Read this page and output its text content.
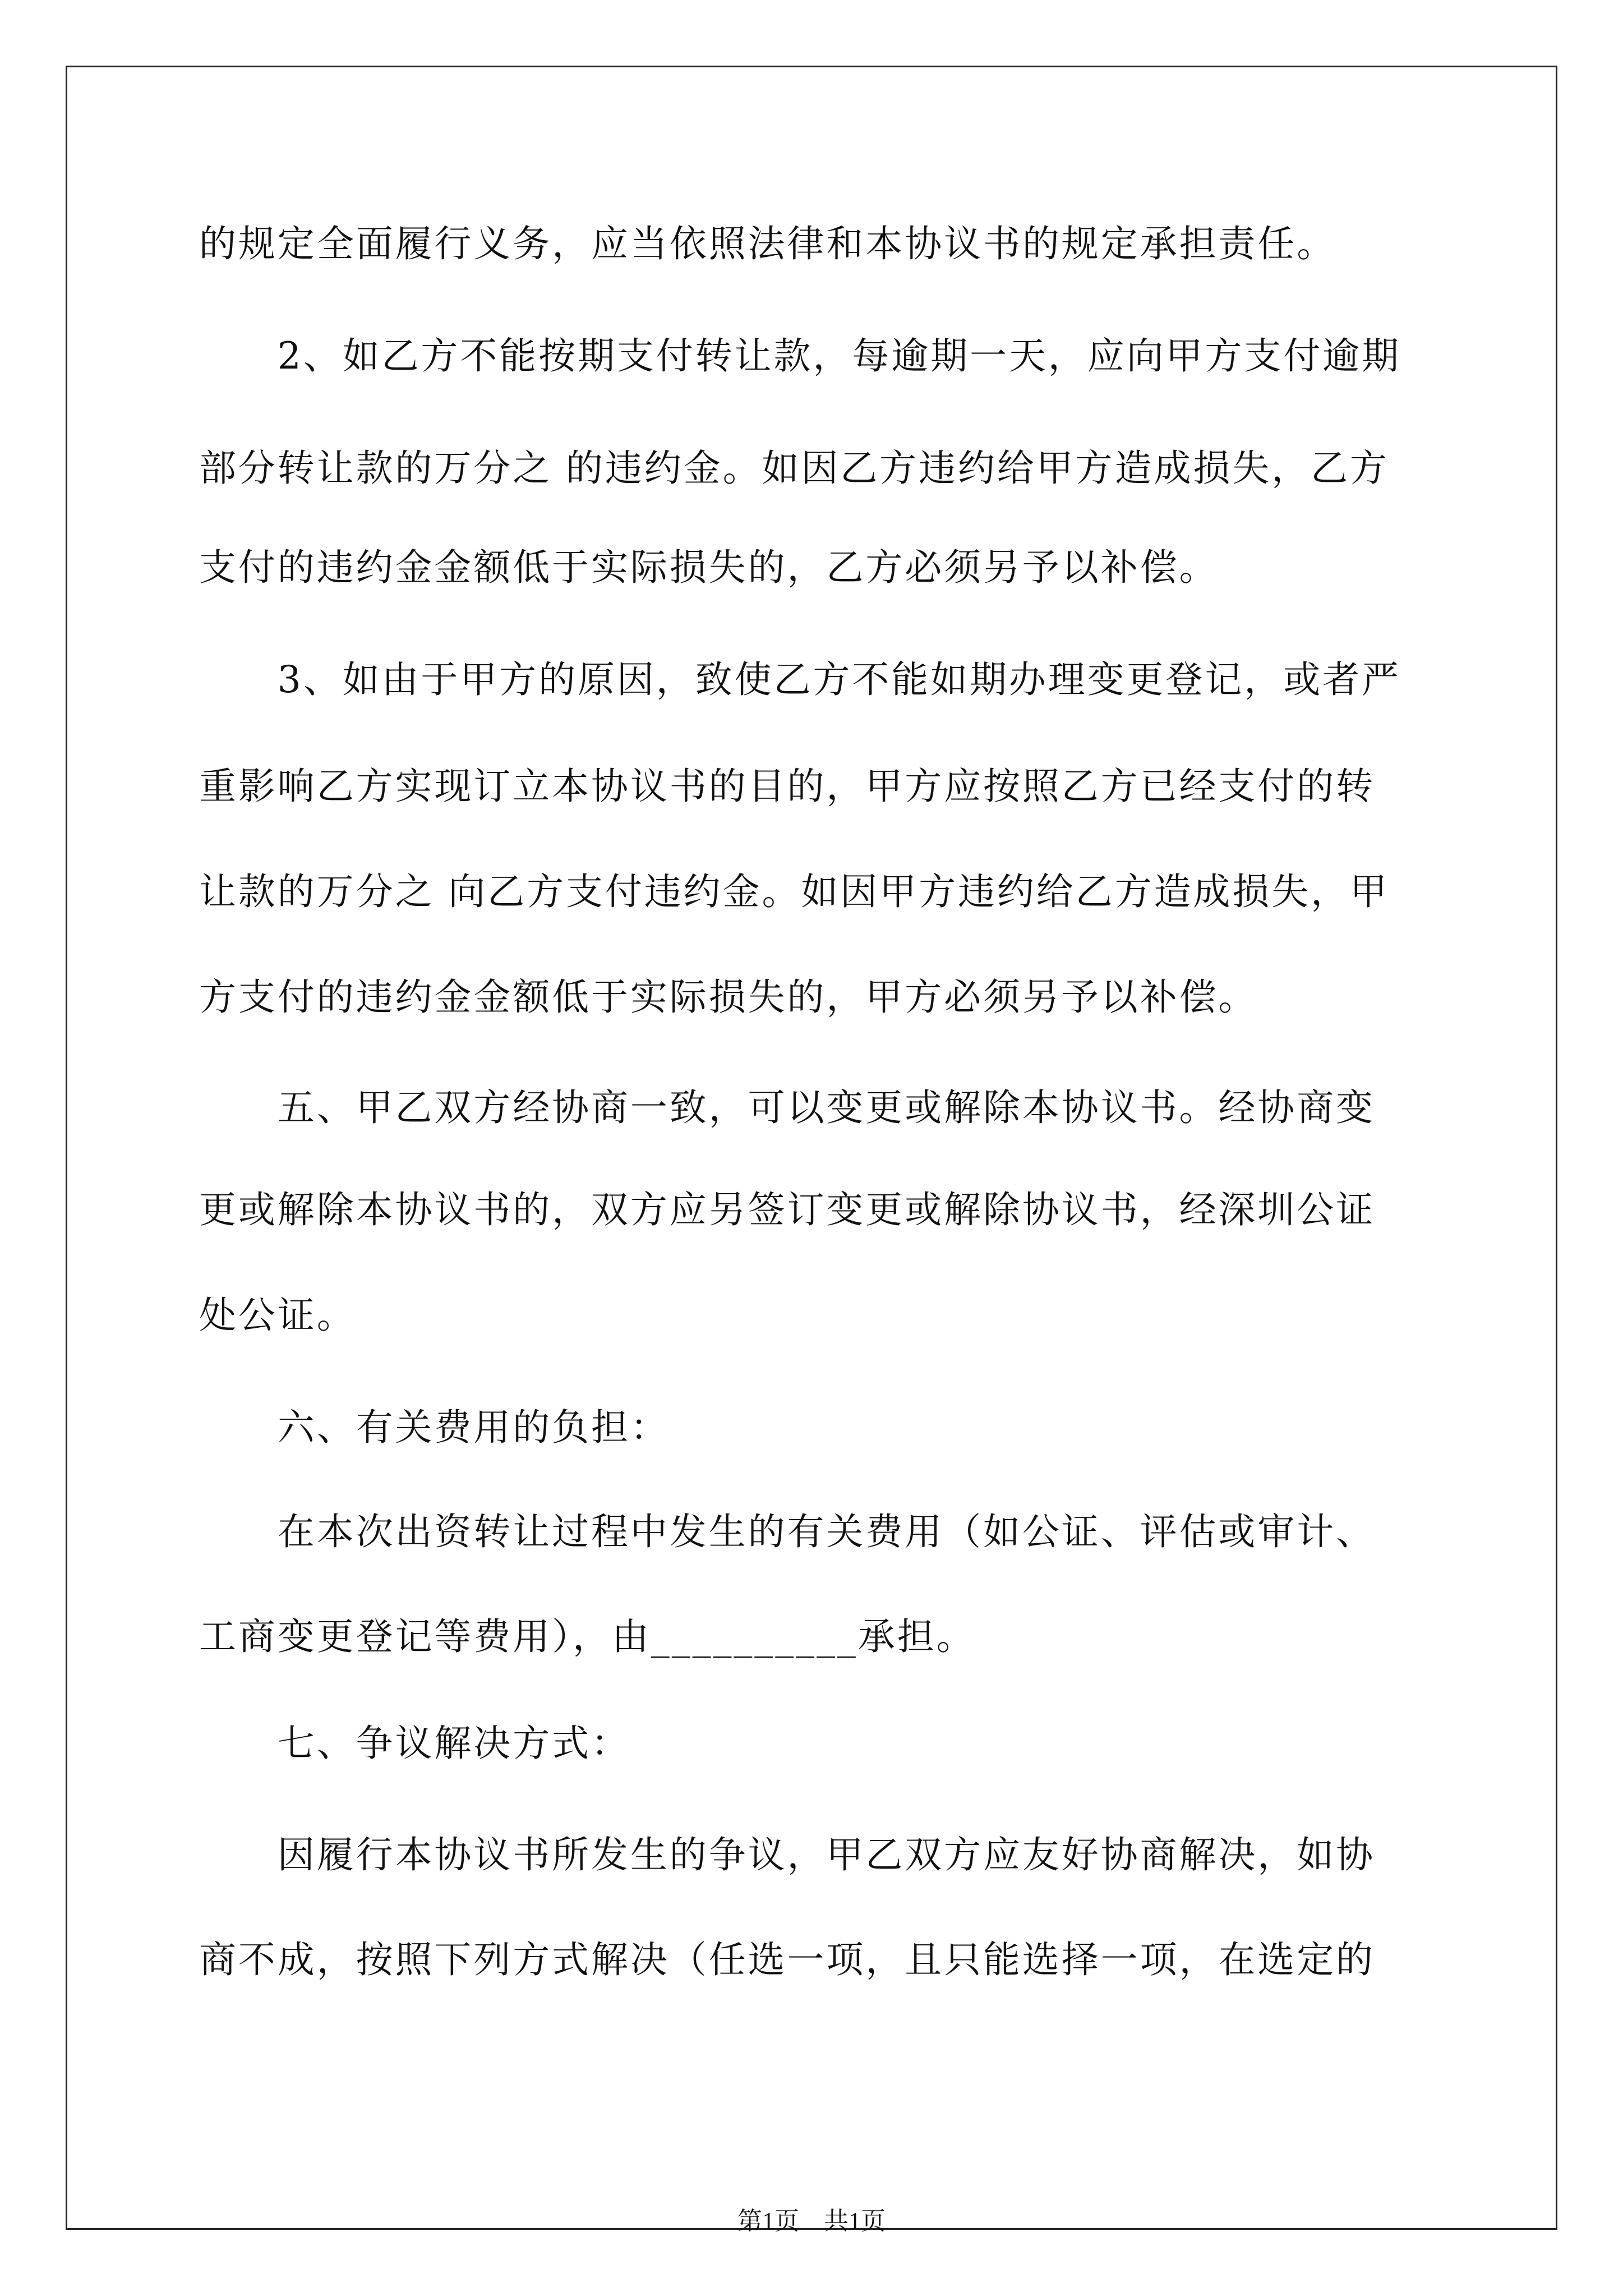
的规定全面履行义务，应当依照法律和本协议书的规定承担责任。
　　2、如乙方不能按期支付转让款，每逾期一天，应向甲方支付逾期
部分转让款的万分之 的违约金。如因乙方违约给甲方造成损失，乙方
支付的违约金金额低于实际损失的，乙方必须另予以补偿。
　　3、如由于甲方的原因，致使乙方不能如期办理变更登记，或者严
重影响乙方实现订立本协议书的目的，甲方应按照乙方已经支付的转
让款的万分之 向乙方支付违约金。如因甲方违约给乙方造成损失，甲
方支付的违约金金额低于实际损失的，甲方必须另予以补偿。
　　五、甲乙双方经协商一致，可以变更或解除本协议书。经协商变
更或解除本协议书的，双方应另签订变更或解除协议书，经深圳公证
处公证。
　　六、有关费用的负担：
　　在本次出资转让过程中发生的有关费用（如公证、评估或审计、
工商变更登记等费用），由__________承担。
　　七、争议解决方式：
　　因履行本协议书所发生的争议，甲乙双方应友好协商解决，如协
商不成，按照下列方式解决（任选一项，且只能选择一项，在选定的
第1页　共1页
